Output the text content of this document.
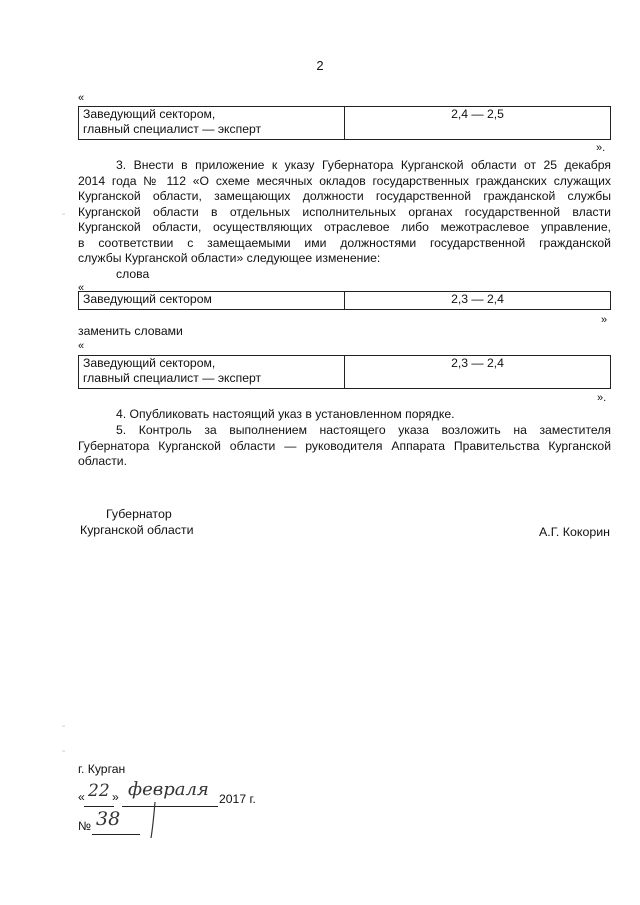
2
«
Заведующий сектором,
главный специалист — эксперт	2,4 — 2,5
».
3. Внести в приложение к указу Губернатора Курганской области от 25 декабря
2014 года № 112 «О схеме месячных окладов государственных гражданских служащих
Курганской области, замещающих должности государственной гражданской службы
Курганской области в отдельных исполнительных органах государственной власти
Курганской области, осуществляющих отраслевое либо межотраслевое управление,
в соответствии с замещаемыми ими должностями государственной гражданской
службы Курганской области» следующее изменение:
слова
«
Заведующий сектором	2,3 — 2,4
»
заменить словами
«
Заведующий сектором,
главный специалист — эксперт	2,3 — 2,4
».
4. Опубликовать настоящий указ в установленном порядке.
5. Контроль за выполнением настоящего указа возложить на заместителя
Губернатора Курганской области — руководителя Аппарата Правительства Курганской
области.
Губернатор
Курганской области	А.Г. Кокорин
‐
‐
‐
г. Курган
« 22 » февраля 2017 г.
№ 38
